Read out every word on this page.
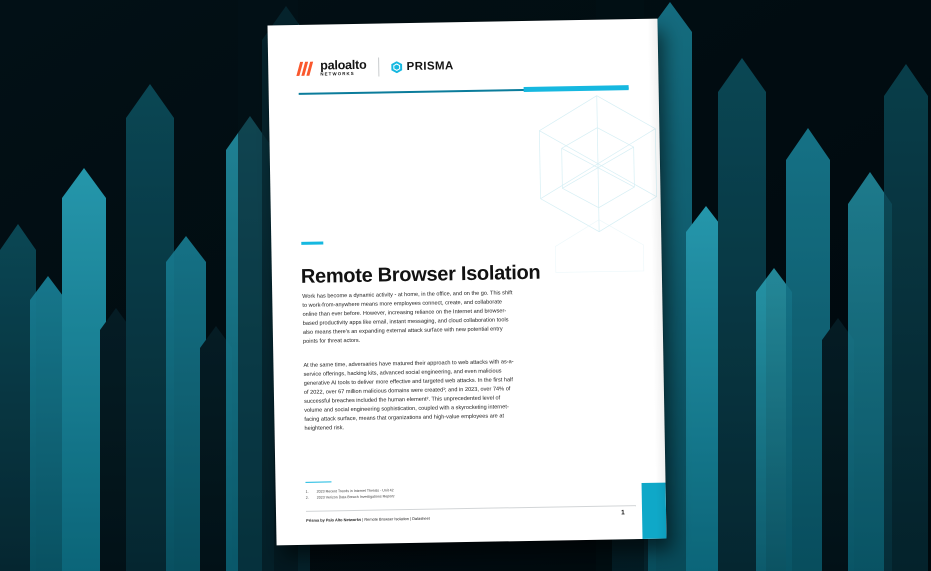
paloalto
NETWORKS
PRISMA
Remote Browser Isolation

Work has become a dynamic activity - at home, in the office, and on the go. This shift to work-from-anywhere means more employees connect, create, and collaborate online than ever before. However, increasing reliance on the Internet and browser-based productivity apps like email, instant messaging, and cloud collaboration tools also means there's an expanding external attack surface with new potential entry points for threat actors.

At the same time, adversaries have matured their approach to web attacks with as-a-service offerings, hacking kits, advanced social engineering, and even malicious generative AI tools to deliver more effective and targeted web attacks. In the first half of 2022, over 67 million malicious domains were created¹; and in 2023, over 74% of successful breaches included the human element². This unprecedented level of volume and social engineering sophistication, coupled with a skyrocketing internet-facing attack surface, means that organizations and high-value employees are at heightened risk.

1.	2023 Recent Trends in Internet Threats - Unit 42
2.	2023 Verizon Data Breach Investigations Reportr
Prisma by Palo Alto Networks | Remote Browser Isolation | Datasheet
1
